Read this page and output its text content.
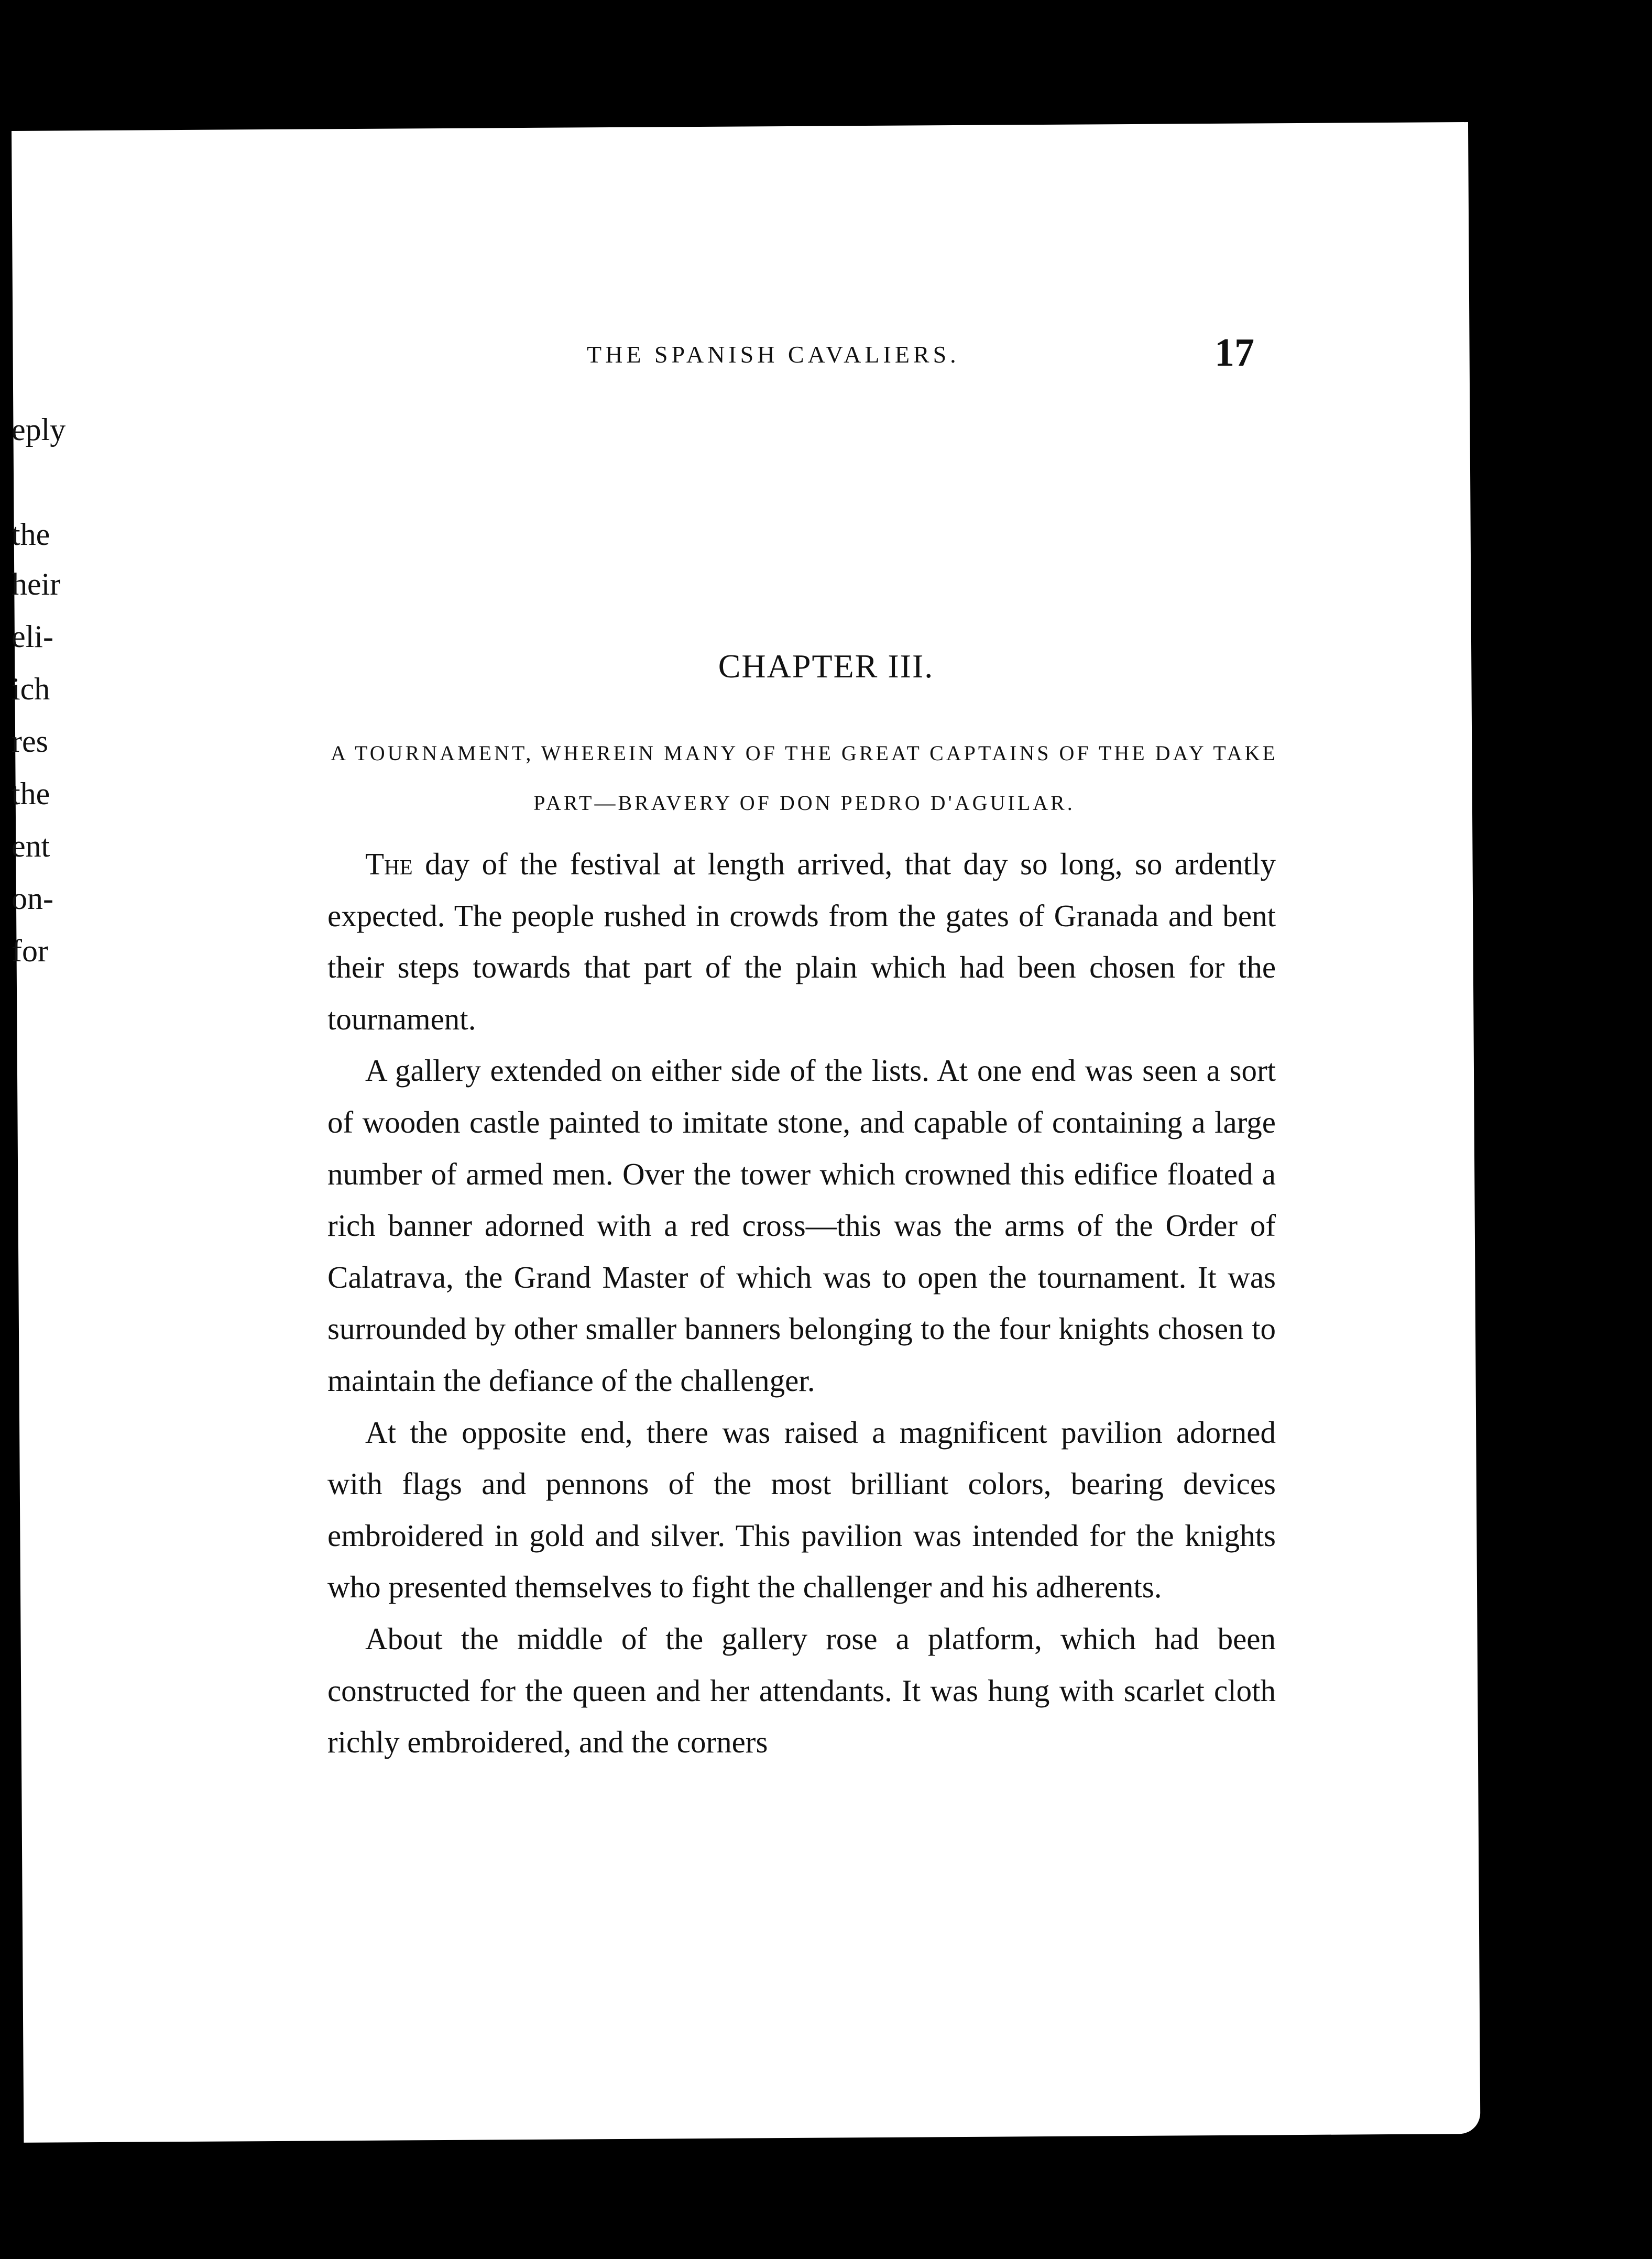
eply
the
heir
eli-
ich
res
the
ent
on-
for
THE SPANISH CAVALIERS.	17
CHAPTER III.
A TOURNAMENT, WHEREIN MANY OF THE GREAT CAPTAINS OF THE DAY TAKE PART—BRAVERY OF DON PEDRO D'AGUILAR.

The day of the festival at length arrived, that day so long, so ardently expected. The people rushed in crowds from the gates of Granada and bent their steps towards that part of the plain which had been chosen for the tournament.

A gallery extended on either side of the lists. At one end was seen a sort of wooden castle painted to imitate stone, and capable of containing a large number of armed men. Over the tower which crowned this edifice floated a rich banner adorned with a red cross—this was the arms of the Order of Calatrava, the Grand Master of which was to open the tournament. It was surrounded by other smaller banners belonging to the four knights chosen to maintain the defiance of the challenger.

At the opposite end, there was raised a magnificent pavilion adorned with flags and pennons of the most brilliant colors, bearing devices embroidered in gold and silver. This pavilion was intended for the knights who presented themselves to fight the challenger and his adherents.

About the middle of the gallery rose a platform, which had been constructed for the queen and her attendants. It was hung with scarlet cloth richly embroidered, and the corners
